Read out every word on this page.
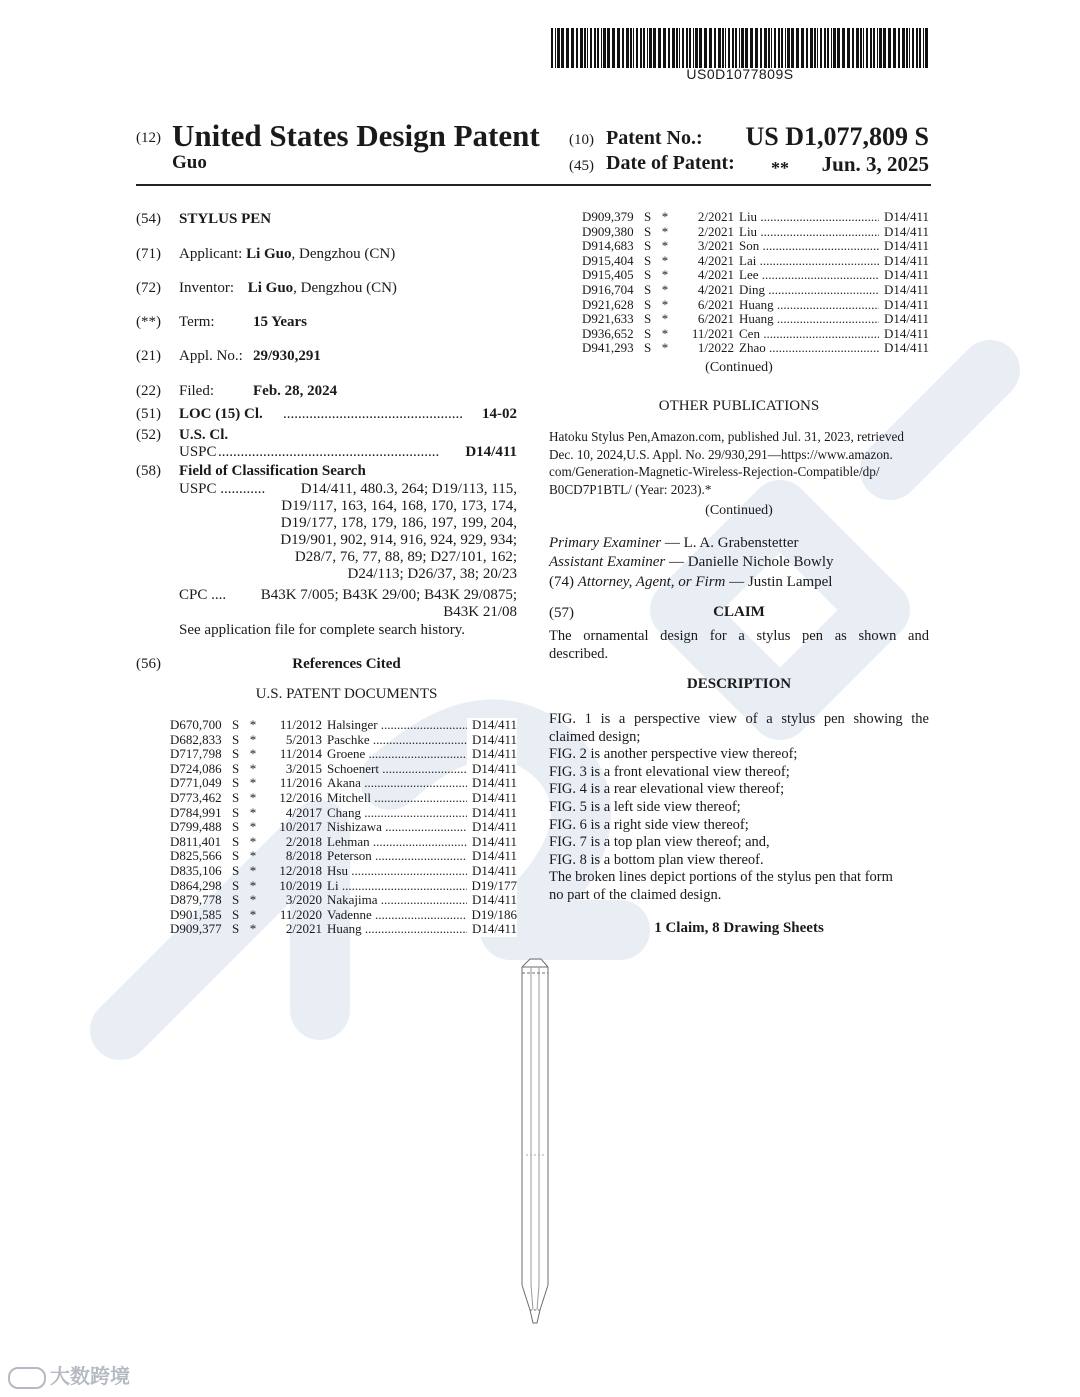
US0D1077809S
(12) United States Design Patent
Guo
(10) Patent No.: US D1,077,809 S
(45) Date of Patent: ** Jun. 3, 2025
(54) STYLUS PEN
(71) Applicant: Li Guo, Dengzhou (CN)
(72) Inventor: Li Guo, Dengzhou (CN)
(**) Term:	15 Years
(21) Appl. No.: 29/930,291
(22) Filed:	Feb. 28, 2024
(51) LOC (15) Cl. ................................................ 14-02
(52) U.S. Cl.
USPC ...........................................................	D14/411
(58) Field of Classification Search
USPC ............	D14/411, 480.3, 264; D19/113, 115,
D19/117, 163, 164, 168, 170, 173, 174,
D19/177, 178, 179, 186, 197, 199, 204,
D19/901, 902, 914, 916, 924, 929, 934;
D28/7, 76, 77, 88, 89; D27/101, 162;
D24/113; D26/37, 38; 20/23
CPC .... B43K 7/005; B43K 29/00; B43K 29/0875;
B43K 21/08
See application file for complete search history.
(56)	References Cited
U.S. PATENT DOCUMENTS
D670,700 S *	11/2012 Halsinger .....	D14/411
D682,833 S *	5/2013 Paschke .....	D14/411
D717,798 S *	11/2014 Groene .....	D14/411
D724,086 S *	3/2015 Schoenert .....	D14/411
D771,049 S *	11/2016 Akana .....	D14/411
D773,462 S *	12/2016 Mitchell .....	D14/411
D784,991 S *	4/2017 Chang .....	D14/411
D799,488 S *	10/2017 Nishizawa .....	D14/411
D811,401 S *	2/2018 Lehman .....	D14/411
D825,566 S *	8/2018 Peterson .....	D14/411
D835,106 S *	12/2018 Hsu .....	D14/411
D864,298 S *	10/2019 Li .....	D19/177
D879,778 S *	3/2020 Nakajima .....	D14/411
D901,585 S *	11/2020 Vadenne .....	D19/186
D909,377 S *	2/2021 Huang .....	D14/411
D909,379 S *	2/2021 Liu .....	D14/411
D909,380 S *	2/2021 Liu .....	D14/411
D914,683 S *	3/2021 Son .....	D14/411
D915,404 S *	4/2021 Lai .....	D14/411
D915,405 S *	4/2021 Lee .....	D14/411
D916,704 S *	4/2021 Ding .....	D14/411
D921,628 S *	6/2021 Huang .....	D14/411
D921,633 S *	6/2021 Huang .....	D14/411
D936,652 S *	11/2021 Cen .....	D14/411
D941,293 S *	1/2022 Zhao .....	D14/411
(Continued)
OTHER PUBLICATIONS
Hatoku Stylus Pen,Amazon.com, published Jul. 31, 2023, retrieved
Dec. 10, 2024,U.S. Appl. No. 29/930,291—https://www.amazon.
com/Generation-Magnetic-Wireless-Rejection-Compatible/dp/
B0CD7P1BTL/ (Year: 2023).*
(Continued)
Primary Examiner — L. A. Grabenstetter
Assistant Examiner — Danielle Nichole Bowly
(74) Attorney, Agent, or Firm — Justin Lampel
(57)	CLAIM
The ornamental design for a stylus pen as shown and
described.
DESCRIPTION
FIG. 1 is a perspective view of a stylus pen showing the
claimed design;
FIG. 2 is another perspective view thereof;
FIG. 3 is a front elevational view thereof;
FIG. 4 is a rear elevational view thereof;
FIG. 5 is a left side view thereof;
FIG. 6 is a right side view thereof;
FIG. 7 is a top plan view thereof; and,
FIG. 8 is a bottom plan view thereof.
The broken lines depict portions of the stylus pen that form
no part of the claimed design.
1 Claim, 8 Drawing Sheets
大数跨境
